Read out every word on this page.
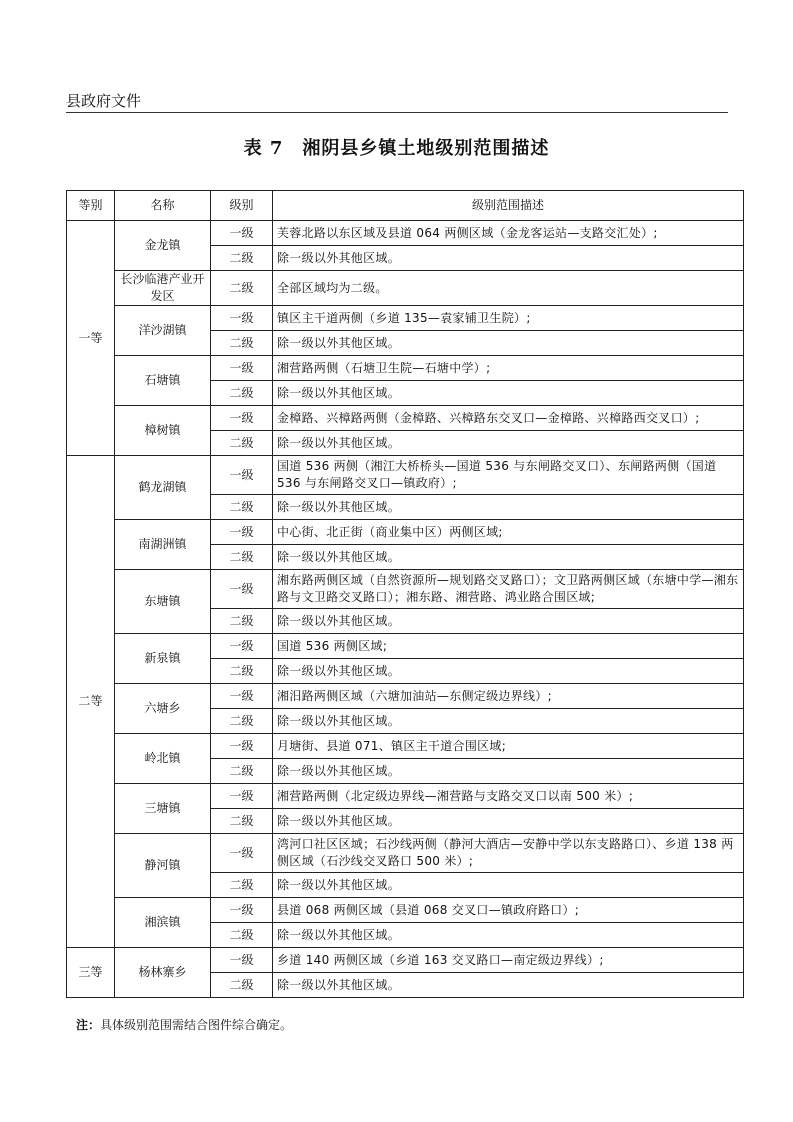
县政府文件
表 7　湘阴县乡镇土地级别范围描述
等别	名称	级别	级别范围描述
一等	金龙镇	一级	芙蓉北路以东区域及县道 064 两侧区域（金龙客运站—支路交汇处）;
		二级	除一级以外其他区域。
	长沙临港产业开发区	二级	全部区域均为二级。
	洋沙湖镇	一级	镇区主干道两侧（乡道 135—袁家铺卫生院）;
		二级	除一级以外其他区域。
	石塘镇	一级	湘营路两侧（石塘卫生院—石塘中学）;
		二级	除一级以外其他区域。
	樟树镇	一级	金樟路、兴樟路两侧（金樟路、兴樟路东交叉口—金樟路、兴樟路西交叉口）;
		二级	除一级以外其他区域。
二等	鹤龙湖镇	一级	国道 536 两侧（湘江大桥桥头—国道 536 与东闸路交叉口）、东闸路两侧（国道 536 与东闸路交叉口—镇政府）;
		二级	除一级以外其他区域。
	南湖洲镇	一级	中心街、北正街（商业集中区）两侧区域;
		二级	除一级以外其他区域。
	东塘镇	一级	湘东路两侧区域（自然资源所—规划路交叉路口）；文卫路两侧区域（东塘中学—湘东路与文卫路交叉路口）；湘东路、湘营路、鸿业路合围区域;
		二级	除一级以外其他区域。
	新泉镇	一级	国道 536 两侧区域;
		二级	除一级以外其他区域。
	六塘乡	一级	湘汨路两侧区域（六塘加油站—东侧定级边界线）;
		二级	除一级以外其他区域。
	岭北镇	一级	月塘街、县道 071、镇区主干道合围区域;
		二级	除一级以外其他区域。
	三塘镇	一级	湘营路两侧（北定级边界线—湘营路与支路交叉口以南 500 米）;
		二级	除一级以外其他区域。
	静河镇	一级	湾河口社区区域；石沙线两侧（静河大酒店—安静中学以东支路路口）、乡道 138 两侧区域（石沙线交叉路口 500 米）;
		二级	除一级以外其他区域。
	湘滨镇	一级	县道 068 两侧区域（县道 068 交叉口—镇政府路口）;
		二级	除一级以外其他区域。
三等	杨林寨乡	一级	乡道 140 两侧区域（乡道 163 交叉路口—南定级边界线）;
		二级	除一级以外其他区域。
注：具体级别范围需结合图件综合确定。
